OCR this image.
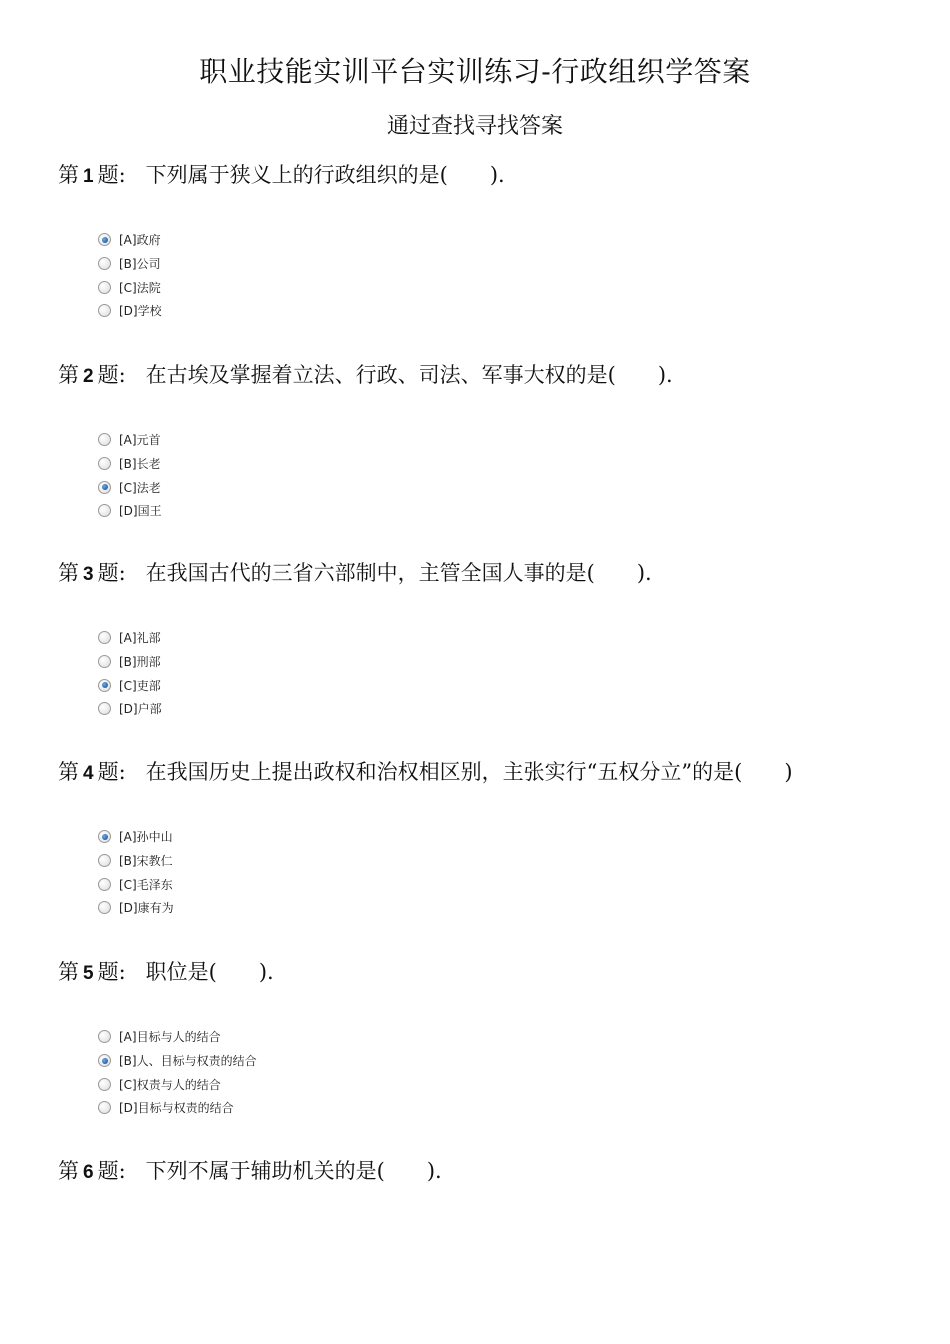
职业技能实训平台实训练习-行政组织学答案
通过查找寻找答案
第 1 题: 下列属于狭义上的行政组织的是(　　).
[A]政府
[B]公司
[C]法院
[D]学校
第 2 题: 在古埃及掌握着立法、行政、司法、军事大权的是(　　).
[A]元首
[B]长老
[C]法老
[D]国王
第 3 题: 在我国古代的三省六部制中，主管全国人事的是(　　).
[A]礼部
[B]刑部
[C]吏部
[D]户部
第 4 题: 在我国历史上提出政权和治权相区别，主张实行“五权分立”的是(　　)
[A]孙中山
[B]宋教仁
[C]毛泽东
[D]康有为
第 5 题: 职位是(　　).
[A]目标与人的结合
[B]人、目标与权责的结合
[C]权责与人的结合
[D]目标与权责的结合
第 6 题: 下列不属于辅助机关的是(　　).
